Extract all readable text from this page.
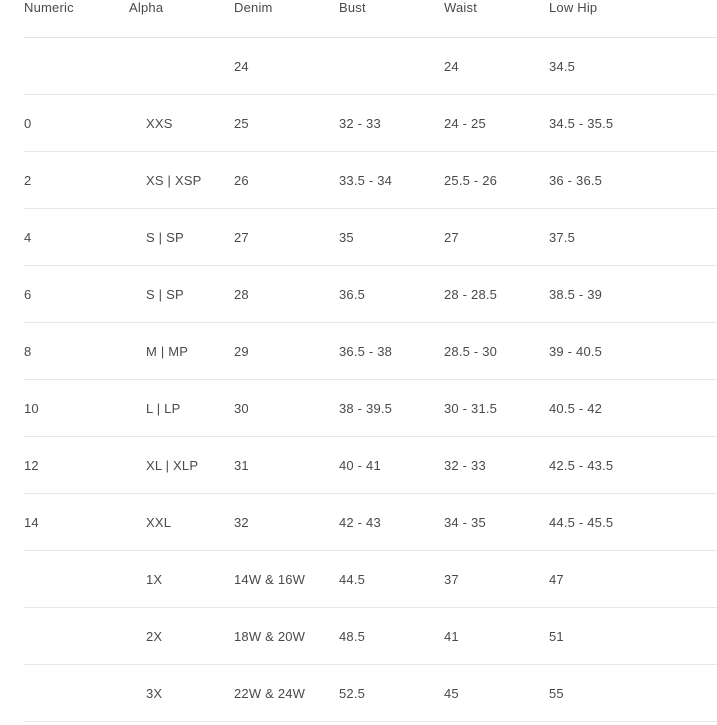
Numeric	Alpha	Denim	Bust	Waist	Low Hip
		24		24	34.5
0	XXS	25	32 - 33	24 - 25	34.5 - 35.5
2	XS | XSP	26	33.5 - 34	25.5 - 26	36 - 36.5
4	S | SP	27	35	27	37.5
6	S | SP	28	36.5	28 - 28.5	38.5 - 39
8	M | MP	29	36.5 - 38	28.5 - 30	39 - 40.5
10	L | LP	30	38 - 39.5	30 - 31.5	40.5 - 42
12	XL | XLP	31	40 - 41	32 - 33	42.5 - 43.5
14	XXL	32	42 - 43	34 - 35	44.5 - 45.5
	1X	14W & 16W	44.5	37	47
	2X	18W & 20W	48.5	41	51
	3X	22W & 24W	52.5	45	55
